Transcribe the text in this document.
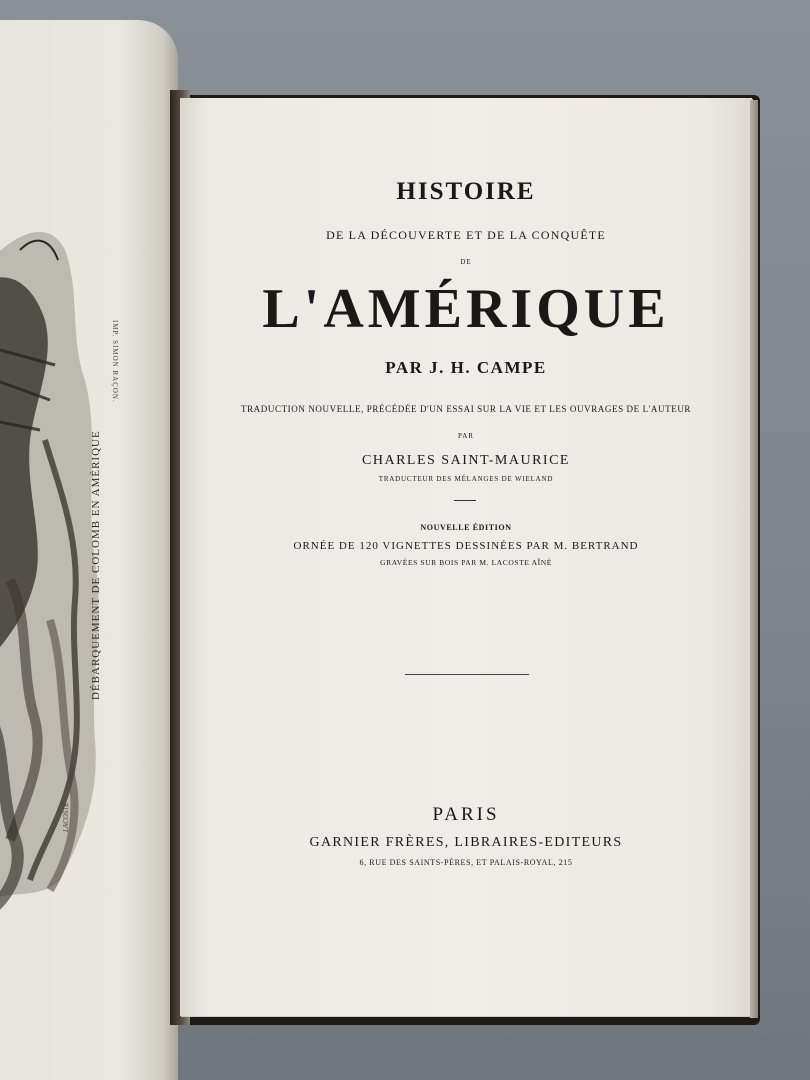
DÉBARQUEMENT DE COLOMB EN AMÉRIQUE
IMP. SIMON RAÇON.
LACOSTE
HISTOIRE
DE LA DÉCOUVERTE ET DE LA CONQUÊTE
DE
L'AMÉRIQUE
PAR J. H. CAMPE
TRADUCTION NOUVELLE, PRÉCÉDÉE D'UN ESSAI SUR LA VIE ET LES OUVRAGES DE L'AUTEUR
PAR
CHARLES SAINT-MAURICE
TRADUCTEUR DES MÉLANGES DE WIELAND
NOUVELLE ÉDITION
ORNÉE DE 120 VIGNETTES DESSINÉES PAR M. BERTRAND
GRAVÉES SUR BOIS PAR M. LACOSTE AÎNÉ
PARIS
GARNIER FRÈRES, LIBRAIRES-EDITEURS
6, RUE DES SAINTS-PÈRES, ET PALAIS-ROYAL, 215
